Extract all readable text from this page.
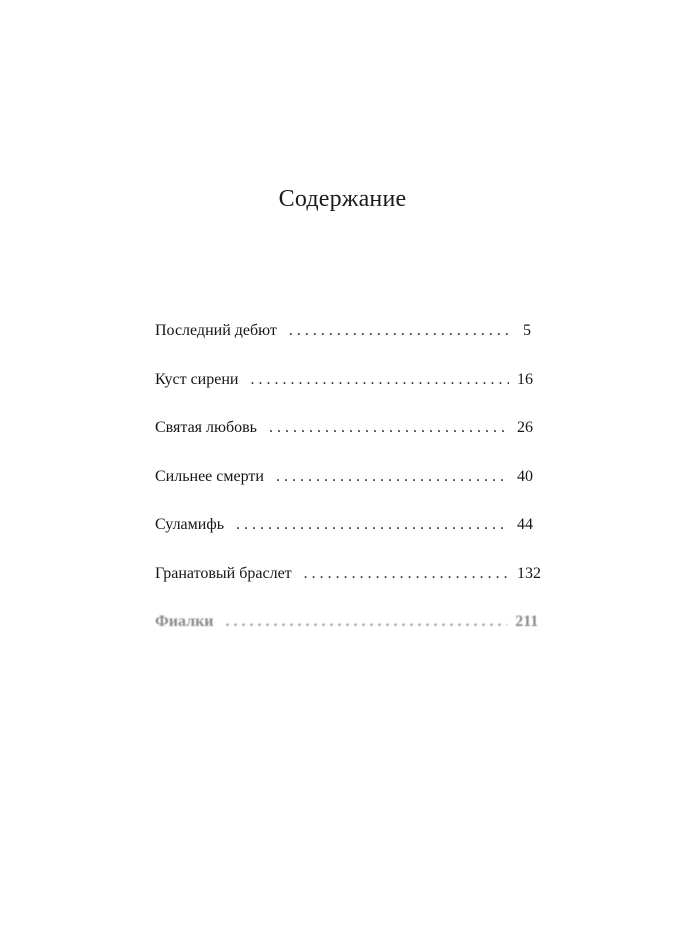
Содержание
Последний дебют . . .	5
Куст сирени . . .	16
Святая любовь . . .	26
Сильнее смерти . . .	40
Суламифь . . .	44
Гранатовый браслет . . .	132
Фиалки . . .	211
